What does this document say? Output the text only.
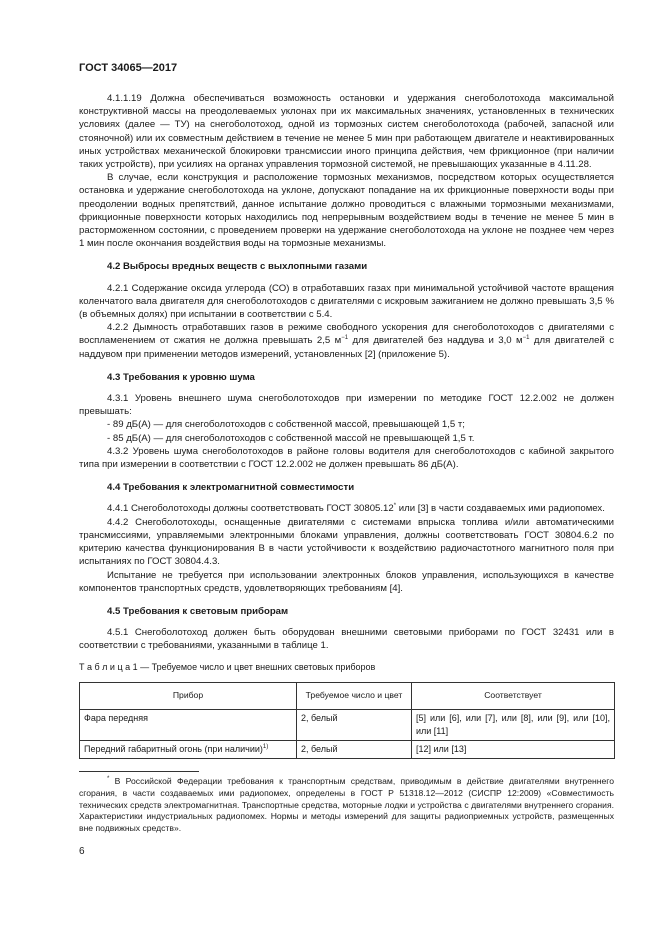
ГОСТ 34065—2017

4.1.1.19 Должна обеспечиваться возможность остановки и удержания снегоболотохода максимальной конструктивной массы на преодолеваемых уклонах при их максимальных значениях, установленных в технических условиях (далее — ТУ) на снегоболотоход, одной из тормозных систем снегоболотохода (рабочей, запасной или стояночной) или их совместным действием в течение не менее 5 мин при работающем двигателе и неактивированных иных устройствах механической блокировки трансмиссии иного принципа действия, чем фрикционное (при наличии таких устройств), при усилиях на органах управления тормозной системой, не превышающих указанные в 4.11.28.

В случае, если конструкция и расположение тормозных механизмов, посредством которых осуществляется остановка и удержание снегоболотохода на уклоне, допускают попадание на их фрикционные поверхности воды при преодолении водных препятствий, данное испытание должно проводиться с влажными тормозными механизмами, фрикционные поверхности которых находились под непрерывным воздействием воды в течение не менее 5 мин в расторможенном состоянии, с проведением проверки на удержание снегоболотохода на уклоне не позднее чем через 1 мин после окончания воздействия воды на тормозные механизмы.

4.2 Выбросы вредных веществ с выхлопными газами

4.2.1 Содержание оксида углерода (СО) в отработавших газах при минимальной устойчивой частоте вращения коленчатого вала двигателя для снегоболотоходов с двигателями с искровым зажиганием не должно превышать 3,5 % (в объемных долях) при испытании в соответствии с 5.4.

4.2.2 Дымность отработавших газов в режиме свободного ускорения для снегоболотоходов с двигателями с воспламенением от сжатия не должна превышать 2,5 $м^{-1}$ для двигателей без наддува и 3,0 $м^{-1}$ для двигателей с наддувом при применении методов измерений, установленных [2] (приложение 5).

4.3 Требования к уровню шума

4.3.1 Уровень внешнего шума снегоболотоходов при измерении по методике ГОСТ 12.2.002 не должен превышать:

- 89 дБ(А) — для снегоболотоходов с собственной массой, превышающей 1,5 т;

- 85 дБ(А) — для снегоболотоходов с собственной массой не превышающей 1,5 т.

4.3.2 Уровень шума снегоболотоходов в районе головы водителя для снегоболотоходов с кабиной закрытого типа при измерении в соответствии с ГОСТ 12.2.002 не должен превышать 86 дБ(А).

4.4 Требования к электромагнитной совместимости

4.4.1 Снегоболотоходы должны соответствовать ГОСТ 30805.12* или [3] в части создаваемых ими радиопомех.

4.4.2 Снегоболотоходы, оснащенные двигателями с системами впрыска топлива и/или автоматическими трансмиссиями, управляемыми электронными блоками управления, должны соответствовать ГОСТ 30804.6.2 по критерию качества функционирования В в части устойчивости к воздействию радиочастотного магнитного поля при испытаниях по ГОСТ 30804.4.3.

Испытание не требуется при использовании электронных блоков управления, использующихся в качестве компонентов транспортных средств, удовлетворяющих требованиям [4].

4.5 Требования к световым приборам

4.5.1 Снегоболотоход должен быть оборудован внешними световыми приборами по ГОСТ 32431 или в соответствии с требованиями, указанными в таблице 1.

Т а б л и ц а 1 — Требуемое число и цвет внешних световых приборов

Прибор	Требуемое число и цвет	Соответствует
Фара передняя	2, белый	[5] или [6], или [7], или [8], или [9], или [10], или [11]
Передний габаритный огонь (при наличии)$^{1)}$	2, белый	[12] или [13]

* В Российской Федерации требования к транспортным средствам, приводимым в действие двигателями внутреннего сгорания, в части создаваемых ими радиопомех, определены в ГОСТ Р 51318.12—2012 (СИСПР 12:2009) «Совместимость технических средств электромагнитная. Транспортные средства, моторные лодки и устройства с двигателями внутреннего сгорания. Характеристики индустриальных радиопомех. Нормы и методы измерений для защиты радиоприемных устройств, размещенных вне подвижных средств».

6
